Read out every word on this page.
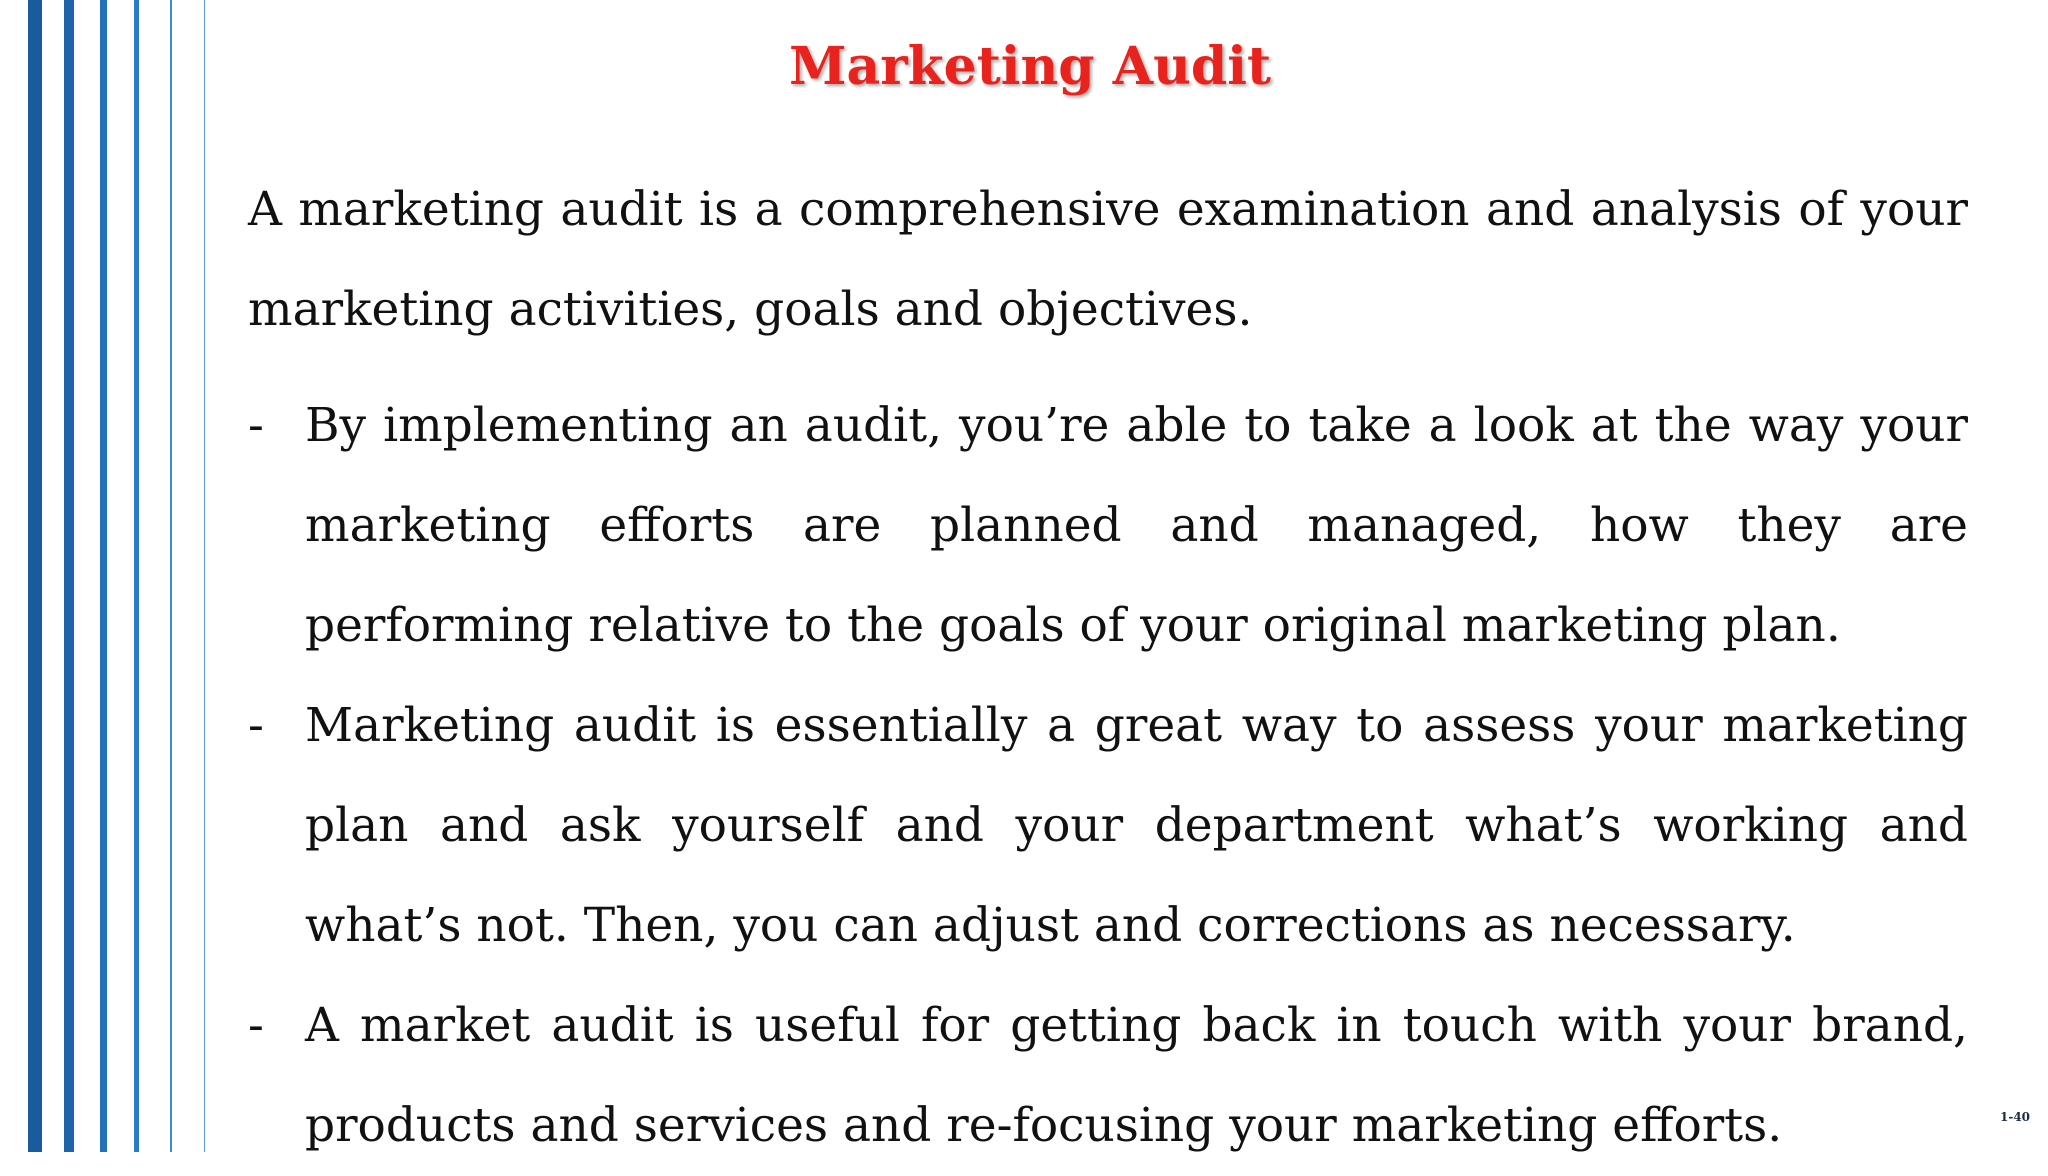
Marketing Audit

A marketing audit is a comprehensive examination and analysis of your marketing activities, goals and objectives.

- By implementing an audit, you’re able to take a look at the way your marketing efforts are planned and managed, how they are performing relative to the goals of your original marketing plan.
- Marketing audit is essentially a great way to assess your marketing plan and ask yourself and your department what’s working and what’s not. Then, you can adjust and corrections as necessary.
- A market audit is useful for getting back in touch with your brand, products and services and re-focusing your marketing efforts.	1-40
